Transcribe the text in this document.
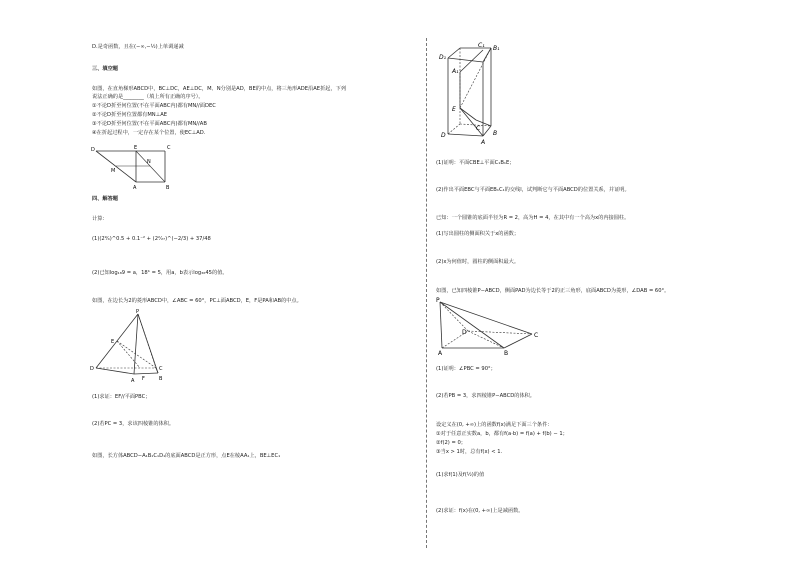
D.是奇函数，且在(−∞,−½)上单调递减
三、填空题
如图，在直角梯形ABCD中，BC⊥DC，AE⊥DC，M、N分别是AD，BE的中点，将三角形ADE沿AE折起，下列
说法正确的是________（填上所有正确的序号）。
①不论D折至何位置(不在平面ABC内)都有MN//面DEC
②不论D折至何位置都有MN⊥AE
③不论D折至何位置(不在平面ABC内)都有MN//AB
④在折起过程中，一定存在某个位置，使EC⊥AD.
D	E	C
M
N
A	B
四、解答题
计算：
(1)(2⁹⁄₄)^0.5 + 0.1⁻² + (2²⁄₂₇)^(−2/3) + 37/48
(2)已知log₁₈9 = a，18ᵇ = 5，用a，b表示log₃₆45的值。
如图，在边长为2的菱形ABCD中，∠ABC = 60°，PC⊥面ABCD，E，F是PA和AB的中点。
P
E
D	C
F
A	B
(1)求证：EF//平面PBC；
(2)若PC = 3，求该四棱锥的体积。
如图，长方体ABCD−A₁B₁C₁D₁的底面ABCD是正方形，点E在棱AA₁上，BE⊥EC₁
D₁
C₁ B₁
A₁
E
D
C
B
A
(1)证明：平面CBE⊥平面C₁B₁E；
(2)作出平面EBC与平面EB₁C₁的交线l，试判断它与平面ABCD的位置关系，并证明。
已知：一个圆锥的底面半径为R = 2，高为H = 4，在其中有一个高为x的内接圆柱。
(1)写出圆柱的侧面积关于x的函数；
(2)x为何值时，圆柱的侧面积最大。
如图，已知四棱锥P−ABCD，侧面PAD为边长等于2的正三角形，底面ABCD为菱形，∠DAB = 60°。
P
D	C
A	B
(1)证明：∠PBC = 90°；
(2)若PB = 3，求四棱锥P−ABCD的体积。
设定义在(0, +∞)上的函数f(x)满足下面三个条件：
①对于任意正实数a，b，都有f(a·b) = f(a) + f(b) − 1；
②f(2) = 0；
③当x > 1时，总有f(x) < 1.
(1)求f(1)及f(½)的值
(2)求证：f(x)在(0, +∞)上是减函数。
